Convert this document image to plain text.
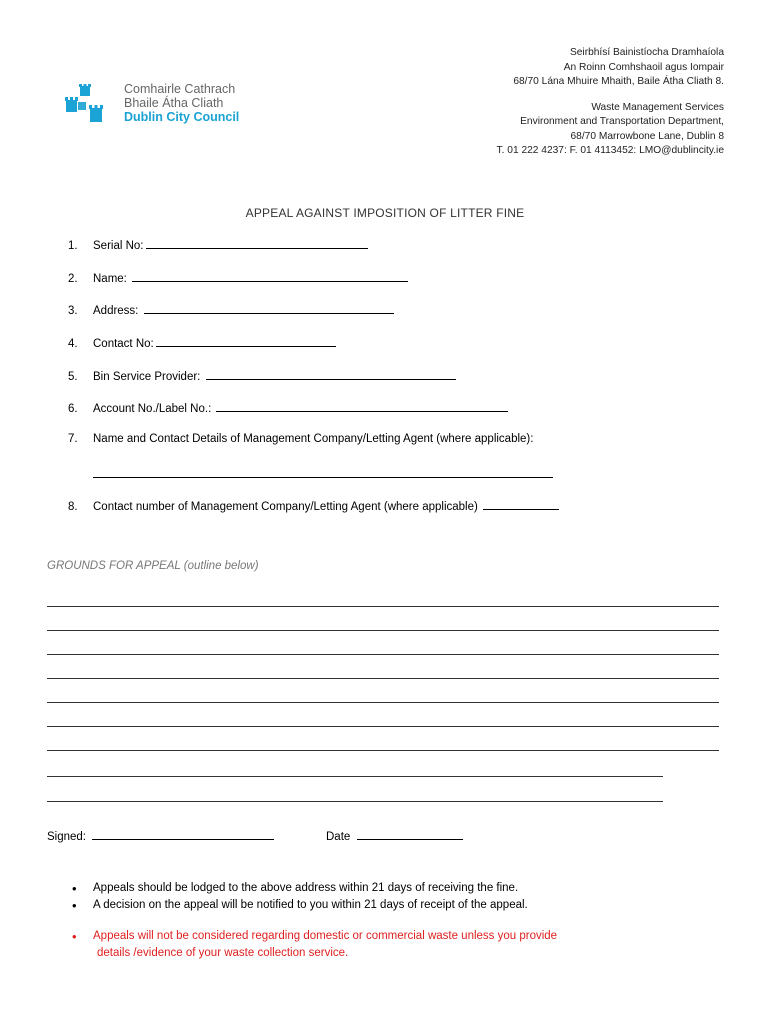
Comhairle Cathrach
Bhaile Átha Cliath
Dublin City Council
Seirbhísí Bainistíocha Dramhaíola
An Roinn Comhshaoil agus Iompair
68/70 Lána Mhuire Mhaith, Baile Átha Cliath 8.
Waste Management Services
Environment and Transportation Department,
68/70 Marrowbone Lane, Dublin 8
T. 01 222 4237: F. 01 4113452: LMO@dublincity.ie
APPEAL AGAINST IMPOSITION OF LITTER FINE
1. Serial No:
2. Name:
3. Address:
4. Contact No:
5. Bin Service Provider:
6. Account No./Label No.:
7. Name and Contact Details of Management Company/Letting Agent (where applicable):
8. Contact number of Management Company/Letting Agent (where applicable)
GROUNDS FOR APPEAL (outline below)
Signed:	Date
• Appeals should be lodged to the above address within 21 days of receiving the fine.
• A decision on the appeal will be notified to you within 21 days of receipt of the appeal.
• Appeals will not be considered regarding domestic or commercial waste unless you provide
details /evidence of your waste collection service.
